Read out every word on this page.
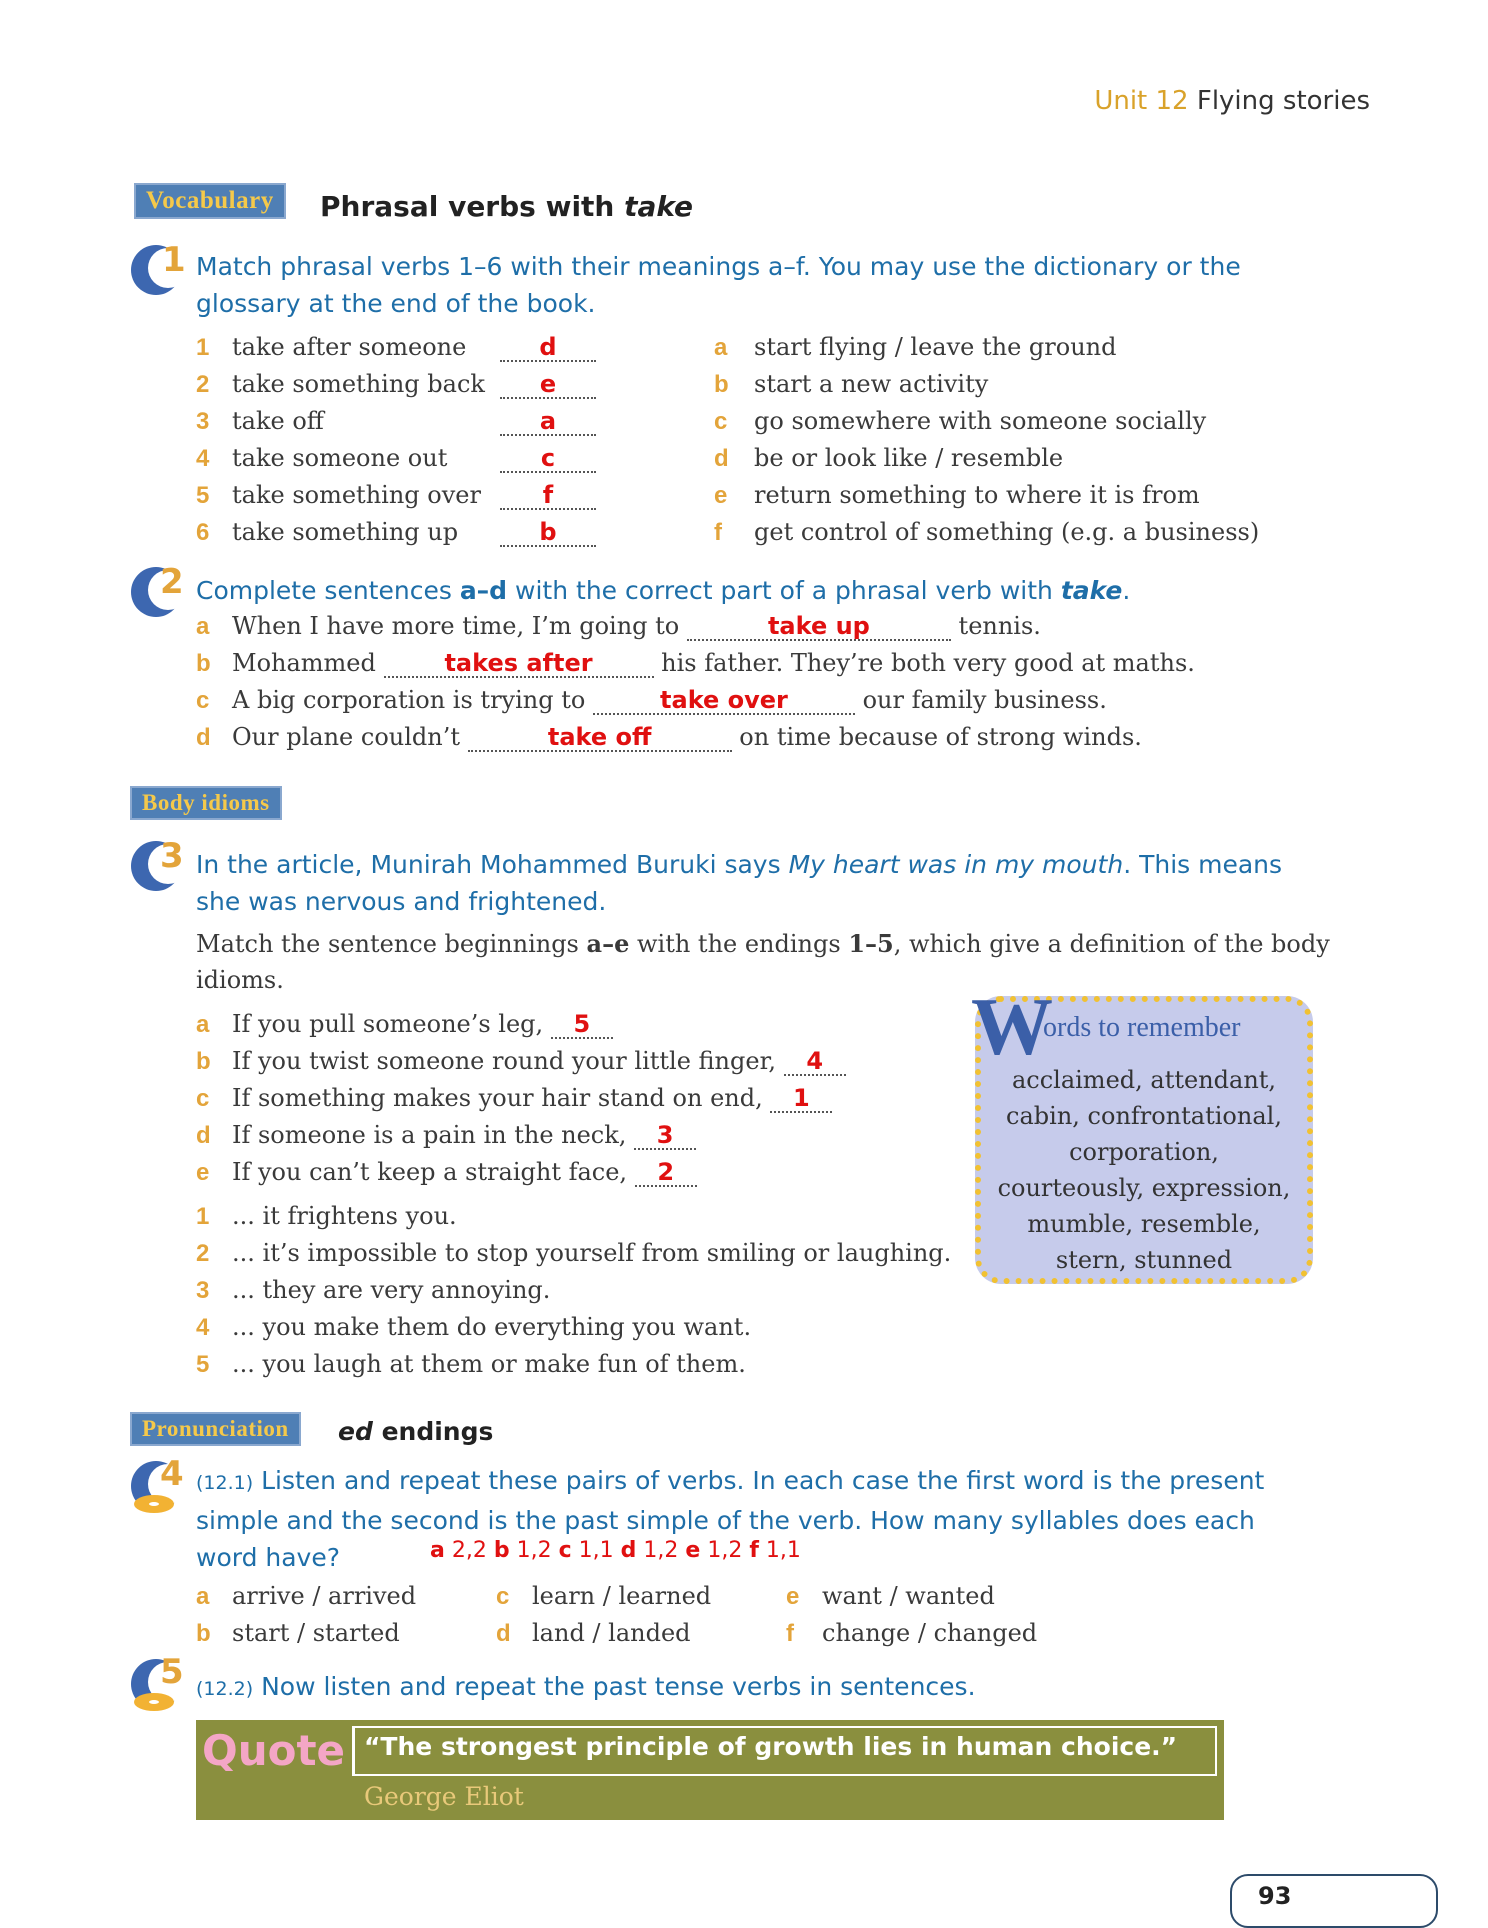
Unit 12 Flying stories
Vocabulary	Phrasal verbs with take
1 Match phrasal verbs 1–6 with their meanings a–f. You may use the dictionary or the glossary at the end of the book.
1 take after someone	d
2 take something back e
3 take off	a
4 take someone out	c
5 take something over	f
6 take something up	b
a start flying / leave the ground
b start a new activity
c go somewhere with someone socially
d be or look like / resemble
e return something to where it is from
f get control of something (e.g. a business)
2 Complete sentences a–d with the correct part of a phrasal verb with take.
a When I have more time, I’m going to	take up	tennis.
b Mohammed	takes after	his father. They’re both very good at maths.
c A big corporation is trying to	take over	our family business.
d Our plane couldn’t	take off	on time because of strong winds.
Body idioms
3 In the article, Munirah Mohammed Buruki says My heart was in my mouth. This means
she was nervous and frightened.
Match the sentence beginnings a–e with the endings 1–5, which give a definition of the body
idioms.
a If you pull someone’s leg, 5
b If you twist someone round your little finger, 4
c If something makes your hair stand on end, 1
d If someone is a pain in the neck, 3
e If you can’t keep a straight face, 2
1 ... it frightens you.
2 ... it’s impossible to stop yourself from smiling or laughing.
3 ... they are very annoying.
4 ... you make them do everything you want.
5 ... you laugh at them or make fun of them.
W
ords to remember
acclaimed, attendant,
cabin, confrontational,
corporation,
courteously, expression,
mumble, resemble,
stern, stunned
Pronunciation	ed endings
4 (12.1) Listen and repeat these pairs of verbs. In each case the first word is the present
simple and the second is the past simple of the verb. How many syllables does each
word have?	a 2,2 b 1,2 c 1,1 d 1,2 e 1,2 f 1,1
a arrive / arrived
b start / started
c learn / learned
d land / landed
e want / wanted
f change / changed
5 (12.2) Now listen and repeat the past tense verbs in sentences.
Quote “The strongest principle of growth lies in human choice.”
George Eliot
93
